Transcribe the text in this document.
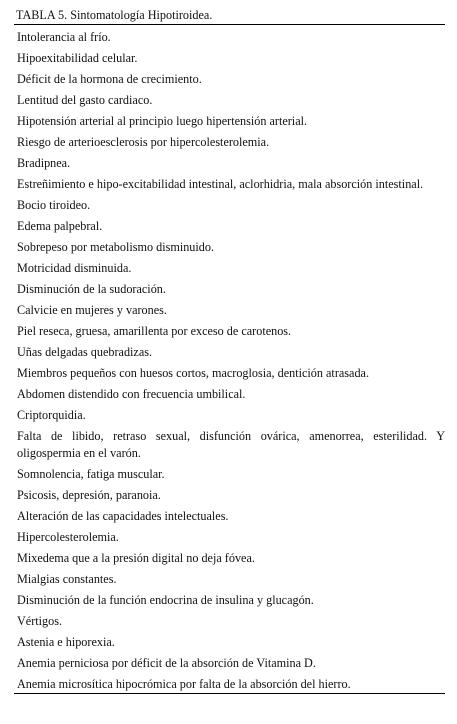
TABLA 5. Sintomatología Hipotiroidea.
Intolerancia al frío.
Hipoexitabilidad celular.
Déficit de la hormona de crecimiento.
Lentitud del gasto cardiaco.
Hipotensión arterial al principio luego hipertensión arterial.
Riesgo de arterioesclerosis por hipercolesterolemia.
Bradipnea.
Estreñimiento e hipo-excitabilidad intestinal, aclorhidria, mala absorción intestinal.
Bocio tiroideo.
Edema palpebral.
Sobrepeso por metabolismo disminuido.
Motricidad disminuida.
Disminución de la sudoración.
Calvicie en mujeres y varones.
Piel reseca, gruesa, amarillenta por exceso de carotenos.
Uñas delgadas quebradizas.
Miembros pequeños con huesos cortos, macroglosia, dentición atrasada.
Abdomen distendido con frecuencia umbilical.
Criptorquidia.
Falta de libido, retraso sexual, disfunción ovárica, amenorrea, esterilidad. Y oligospermia en el varón.
Somnolencia, fatiga muscular.
Psicosis, depresión, paranoia.
Alteración de las capacidades intelectuales.
Hipercolesterolemia.
Mixedema que a la presión digital no deja fóvea.
Mialgias constantes.
Disminución de la función endocrina de insulina y glucagón.
Vértigos.
Astenia e hiporexia.
Anemia perniciosa por déficit de la absorción de Vitamina D.
Anemia microsítica hipocrómica por falta de la absorción del hierro.
